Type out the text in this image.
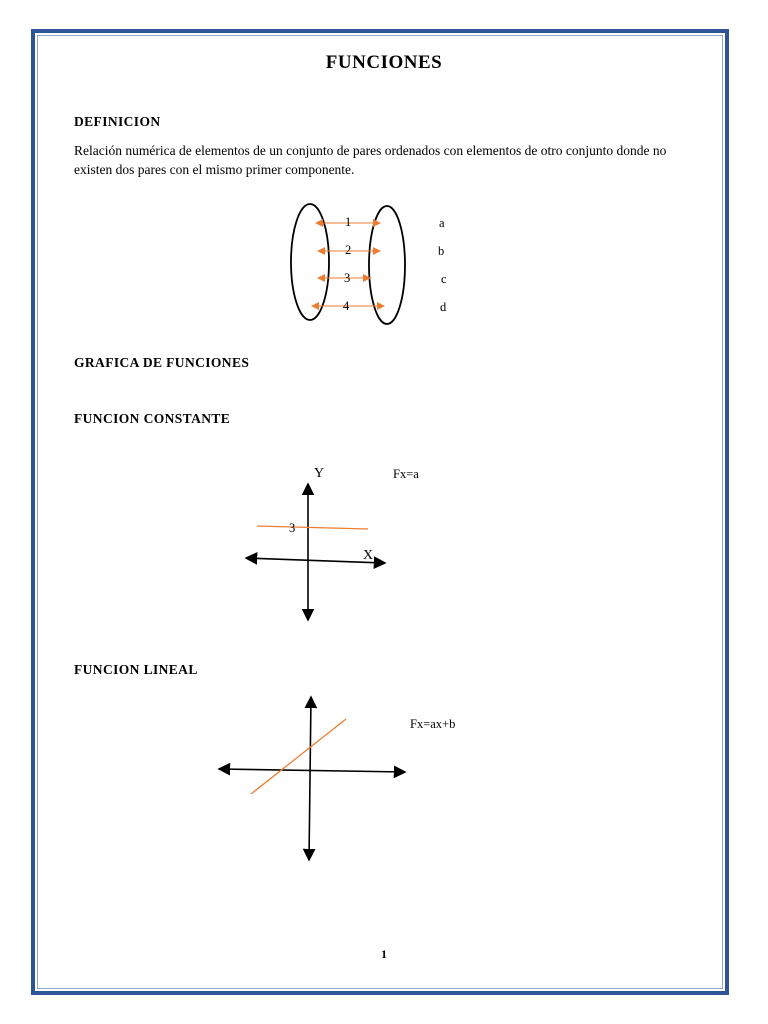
FUNCIONES

DEFINICION

Relación numérica de elementos de un conjunto de pares ordenados con elementos de otro conjunto donde no existen dos pares con el mismo primer componente.

1
2
3
4
a
b
c
d

GRAFICA DE FUNCIONES

FUNCION CONSTANTE

Y	Fx=a
3
X

FUNCION LINEAL

Fx=ax+b
1
